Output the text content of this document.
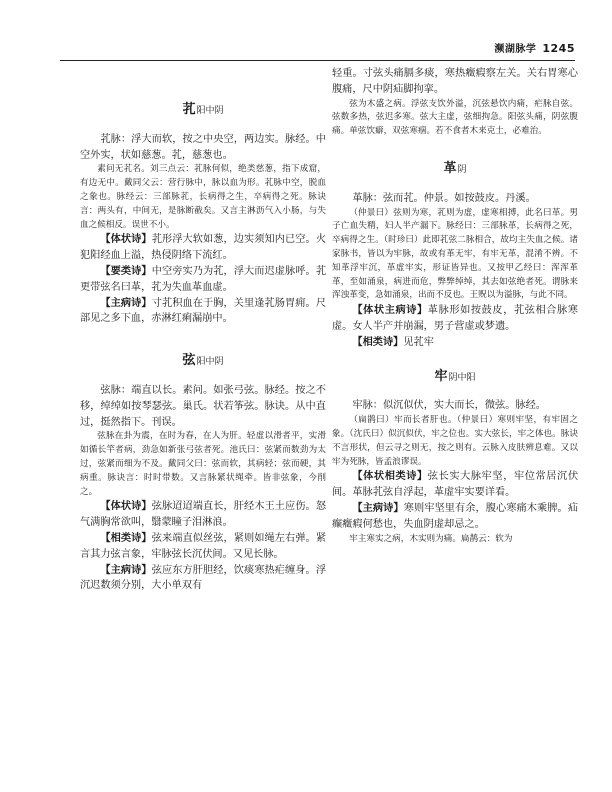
濒湖脉学 1245
芤阳中阴

芤脉：浮大而软，按之中央空，两边实。脉经。中空外实，状如慈葱。芤，慈葱也。

素问无芤名。刘三点云：芤脉何似，绝类慈葱，指下成窟，有边无中。戴同父云：营行脉中，脉以血为形。芤脉中空，脱血之象也。脉经云：三部脉芤，长病得之生，卒病得之死。脉诀言：两头有，中间无，是脉断截矣。又言主淋沥气入小肠，与失血之候相反。误世不小。

【体状诗】芤形浮大软如葱，边实须知内已空。火犯阳经血上溢，热侵阴络下流红。

【要类诗】中空旁实乃为芤，浮大而迟虚脉呼。芤更带弦名曰革，芤为失血革血虚。

【主病诗】寸芤积血在于胸，关里逢芤肠胃痈。尺部见之多下血，赤淋红痢漏崩中。

弦阳中阴

弦脉：端直以长。素问。如张弓弦。脉经。按之不移，绰绰如按琴瑟弦。巢氏。状若筝弦。脉诀。从中直过，挺然指下。刊误。

弦脉在卦为震，在时为春，在人为肝。轻虚以滑者平，实滑如循长竿者病，劲急如新张弓弦者死。池氏曰：弦紧而数劲为太过，弦紧而细为不及。戴同父曰：弦而软，其病轻；弦而硬，其病重。脉诀言：时时带数。又言脉紧状绳牵。皆非弦象，今削之。

【体状诗】弦脉迢迢端直长，肝经木王土应伤。怒气满胸常欲叫，翳蒙瞳子泪淋浪。

【相类诗】弦来端直似丝弦，紧则如绳左右弹。紧言其力弦言象，牢脉弦长沉伏间。又见长脉。

【主病诗】弦应东方肝胆经，饮痰寒热疟缠身。浮沉迟数须分别，大小单双有

轻重。寸弦头痛膈多痰，寒热癥瘕察左关。关右胃寒心腹痛，尺中阴疝脚拘挛。

弦为木盛之病。浮弦支饮外溢，沉弦悬饮内痛，疟脉自弦。弦数多热，弦迟多寒。弦大主虚，弦细拘急。阳弦头痛，阴弦腹痛。单弦饮癖，双弦寒痼。若不食者木来克土，必难治。

革阴

革脉：弦而芤。仲景。如按鼓皮。丹溪。

（仲景曰）弦则为寒，芤则为虚，虚寒相搏，此名曰革。男子亡血失精，妇人半产漏下。脉经曰：三部脉革，长病得之死，卒病得之生。（时珍曰）此即芤弦二脉相合，故均主失血之候。诸家脉书，皆以为牢脉，故或有革无牢，有牢无革，混淆不辨。不知革浮牢沉，革虚牢实，形证皆异也。又按甲乙经曰：浑浑革革，至如涌泉，病进而危，弊弊绰绰，其去如弦绝者死。谓脉来浑浊革变，急如涌泉，出而不反也。王贶以为溢脉，与此不同。

【体状主病诗】革脉形如按鼓皮，芤弦相合脉寒虚。女人半产并崩漏，男子营虚或梦遗。

【相类诗】见芤牢

牢阴中阳

牢脉：似沉似伏，实大而长，微弦。脉经。

（扁鹊曰）牢而长者肝也。（仲景曰）寒则牢坚，有牢固之象。（沈氏曰）似沉似伏，牢之位也。实大弦长，牢之体也。脉诀不言形状，但云寻之则无，按之则有。云脉入皮肤辨息难。又以牢为死脉，皆孟浪谬误。

【体状相类诗】弦长实大脉牢坚，牢位常居沉伏间。革脉芤弦自浮起，革虚牢实要详看。

【主病诗】寒则牢坚里有余，腹心寒痛木乘脾。疝癫癥瘕何愁也，失血阴虚却忌之。

牢主寒实之病，木实则为痛。扁鹊云：软为
